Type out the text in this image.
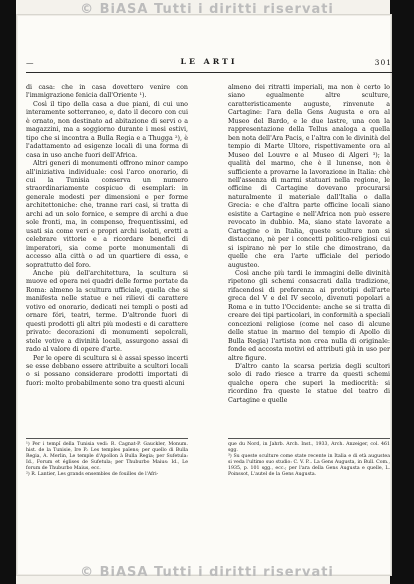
© BiASA Tutti i diritti riservati
© BiASA Tutti i diritti riservati
—	LE ARTI	301

di casa: che in casa dovettero venire con l'immigrazione fenicia dall'Oriente ¹).

Così il tipo della casa a due piani, di cui uno interamente sotterraneo, e, dato il decoro con cui è ornato, non destinato ad abitazione di servi o a magazzini, ma a soggiorno durante i mesi estivi, tipo che si incontra a Bulla Regia e a Thugga ²), è l'adattamento ad esigenze locali di una forma di casa in uso anche fuori dell'Africa.

Altri generi di monumenti offrono minor campo all'iniziativa individuale: così l'arco onorario, di cui la Tunisia conserva un numero straordinariamente cospicuo di esemplari: in generale modesti per dimensioni e per forme architettoniche: che, tranne rari casi, si tratta di archi ad un solo fornice, e sempre di archi a due sole fronti, ma, in compenso, frequentissimi, ed usati sia come veri e propri archi isolati, eretti a celebrare vittorie e a ricordare benefici di imperatori, sia come porte monumentali di accesso alla città o ad un quartiere di essa, e soprattutto del foro.

Anche più dell'architettura, la scultura si muove ed opera nei quadri delle forme portate da Roma: almeno la scultura ufficiale, quella che si manifesta nelle statue e nei rilievi di carattere votivo ed onorario, dedicati nei templi o posti ad ornare fóri, teatri, terme. D'altronde fuori di questi prodotti gli altri più modesti e di carattere privato: decorazioni di monumenti sepolcrali, stele votive a divinità locali, assurgono assai di rado al valore di opere d'arte.

Per le opere di scultura si è assai spesso incerti se esse debbano essere attribuite a scultori locali o si possano considerare prodotti importati di fuori: molto probabilmente sono tra questi alcuni

almeno dei ritratti imperiali, ma non è certo lo siano egualmente altre sculture, caratteristicamente auguste, rinvenute a Cartagine: l'ara della Gens Augusta e ora al Museo del Bardo, e le due lastre, una con la rappresentazione della Tellus analoga a quella ben nota dell'Ara Pacis, e l'altra con le divinità del tempio di Marte Ultore, rispettivamente ora al Museo del Louvre e al Museo di Algeri ³); la qualità del marmo, che è il lunense, non è sufficiente a provarne la lavorazione in Italia: chè nell'assenza di marmi statuari nella regione, le officine di Cartagine dovevano procurarsi naturalmente il materiale dall'Italia o dalla Grecia: e che d'altra parte officine locali siano esistite a Cartagine e nell'Africa non può essere revocato in dubbio. Ma, siano state lavorate a Cartagine o in Italia, queste sculture non si distaccano, nè per i concetti politico-religiosi cui si ispirano nè per lo stile che dimostrano, da quelle che era l'arte ufficiale del periodo augusteo.

Così anche più tardi le immagini delle divinità ripetono gli schemi consacrati dalla tradizione, rifacendosi di preferenza ai prototipi dell'arte greca del V e del IV secolo, divenuti popolari a Roma e in tutto l'Occidente: anche se si tratta di creare dei tipi particolari, in conformità a speciali concezioni religiose (come nel caso di alcune delle statue in marmo del tempio di Apollo di Bulla Regia) l'artista non crea nulla di originale: fonde ed accosta motivi ed attributi già in uso per altre figure.

D'altro canto la scarsa perizia degli scultori solo di rado riesce a trarre da questi schemi qualche opera che superi la mediocrità: si ricordino fra queste le statue del teatro di Cartagine e quelle

¹) Per i tempî della Tunisia vedi: R. Cagnat-P. Gauckler, Monum. hist. de la Tunisie, Ire P.: Les temples païens; per quello di Bulla Regia, A. Merlin, Le temple d'Apollon à Bulla Regia; per Sufetula: Id., Forum et églises de Sufetula; per Thuburbo Maius: Id., Le forum de Thuburbo Maius, ecc.

²) R. Lantier, Les grands ensembles de fouilles de l'Afri-

que du Nord, in Jahrb. Arch. Inst., 1933, Arch. Anzeiger, col. 461 sgg.

³) Su queste sculture come state recente in Italia e di età augustea si veda l'ultimo suo studio: C. V. P... La Gens Augusta, in Bull. Com., 1935, p. 101 sgg., ecc.; per l'ara della Gens Augusta e quelle, L. Poinssot, L'autel de la Gens Augusta.
